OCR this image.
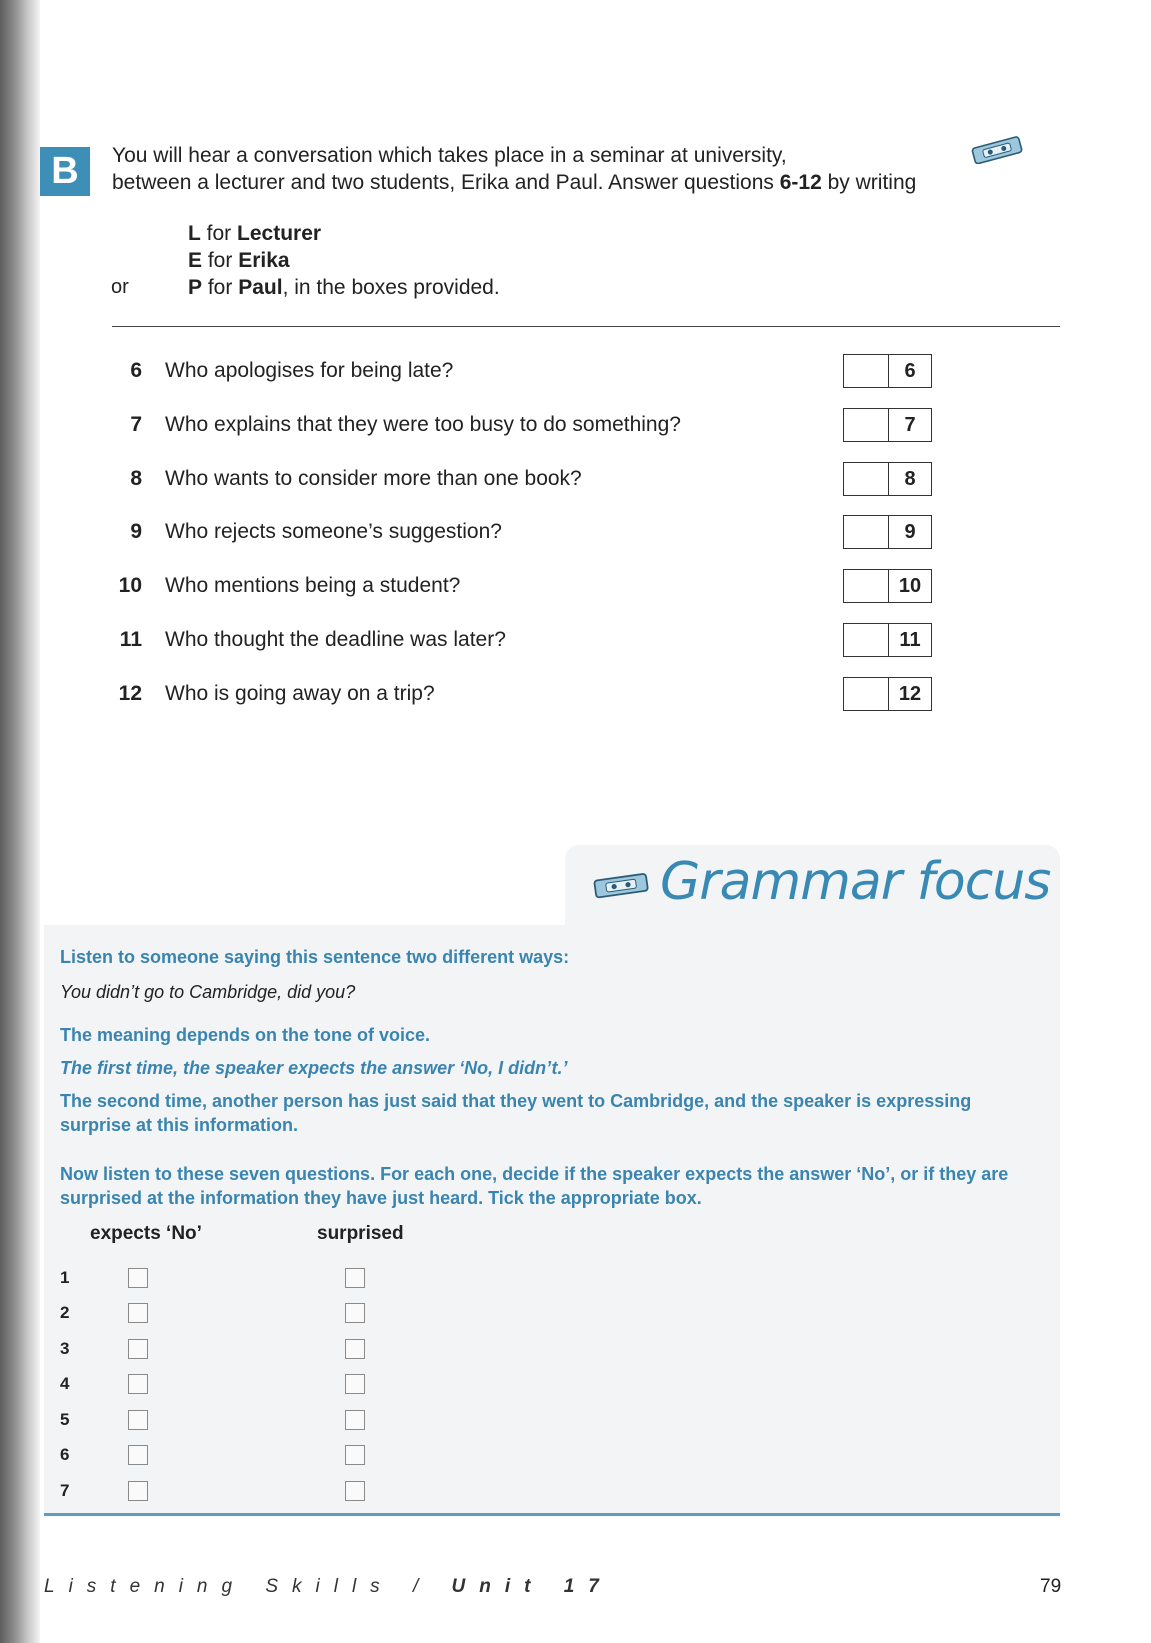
B	You will hear a conversation which takes place in a seminar at university,
between a lecturer and two students, Erika and Paul. Answer questions 6-12 by writing
L for Lecturer
E for Erika
P for Paul, in the boxes provided.
or
6 Who apologises for being late?	6
7 Who explains that they were too busy to do something?	7
8 Who wants to consider more than one book?	8
9 Who rejects someone’s suggestion?	9
10 Who mentions being a student?	10
11 Who thought the deadline was later?	11
12 Who is going away on a trip?	12
Grammar focus
Listen to someone saying this sentence two different ways:
You didn’t go to Cambridge, did you?
The meaning depends on the tone of voice.
The first time, the speaker expects the answer ‘No, I didn’t.’
The second time, another person has just said that they went to Cambridge, and the speaker is expressing surprise at this information.
Now listen to these seven questions. For each one, decide if the speaker expects the answer ‘No’, or if they are surprised at the information they have just heard. Tick the appropriate box.
expects ‘No’	surprised
1
2
3
4
5
6
7
Listening Skills / Unit 17	79
